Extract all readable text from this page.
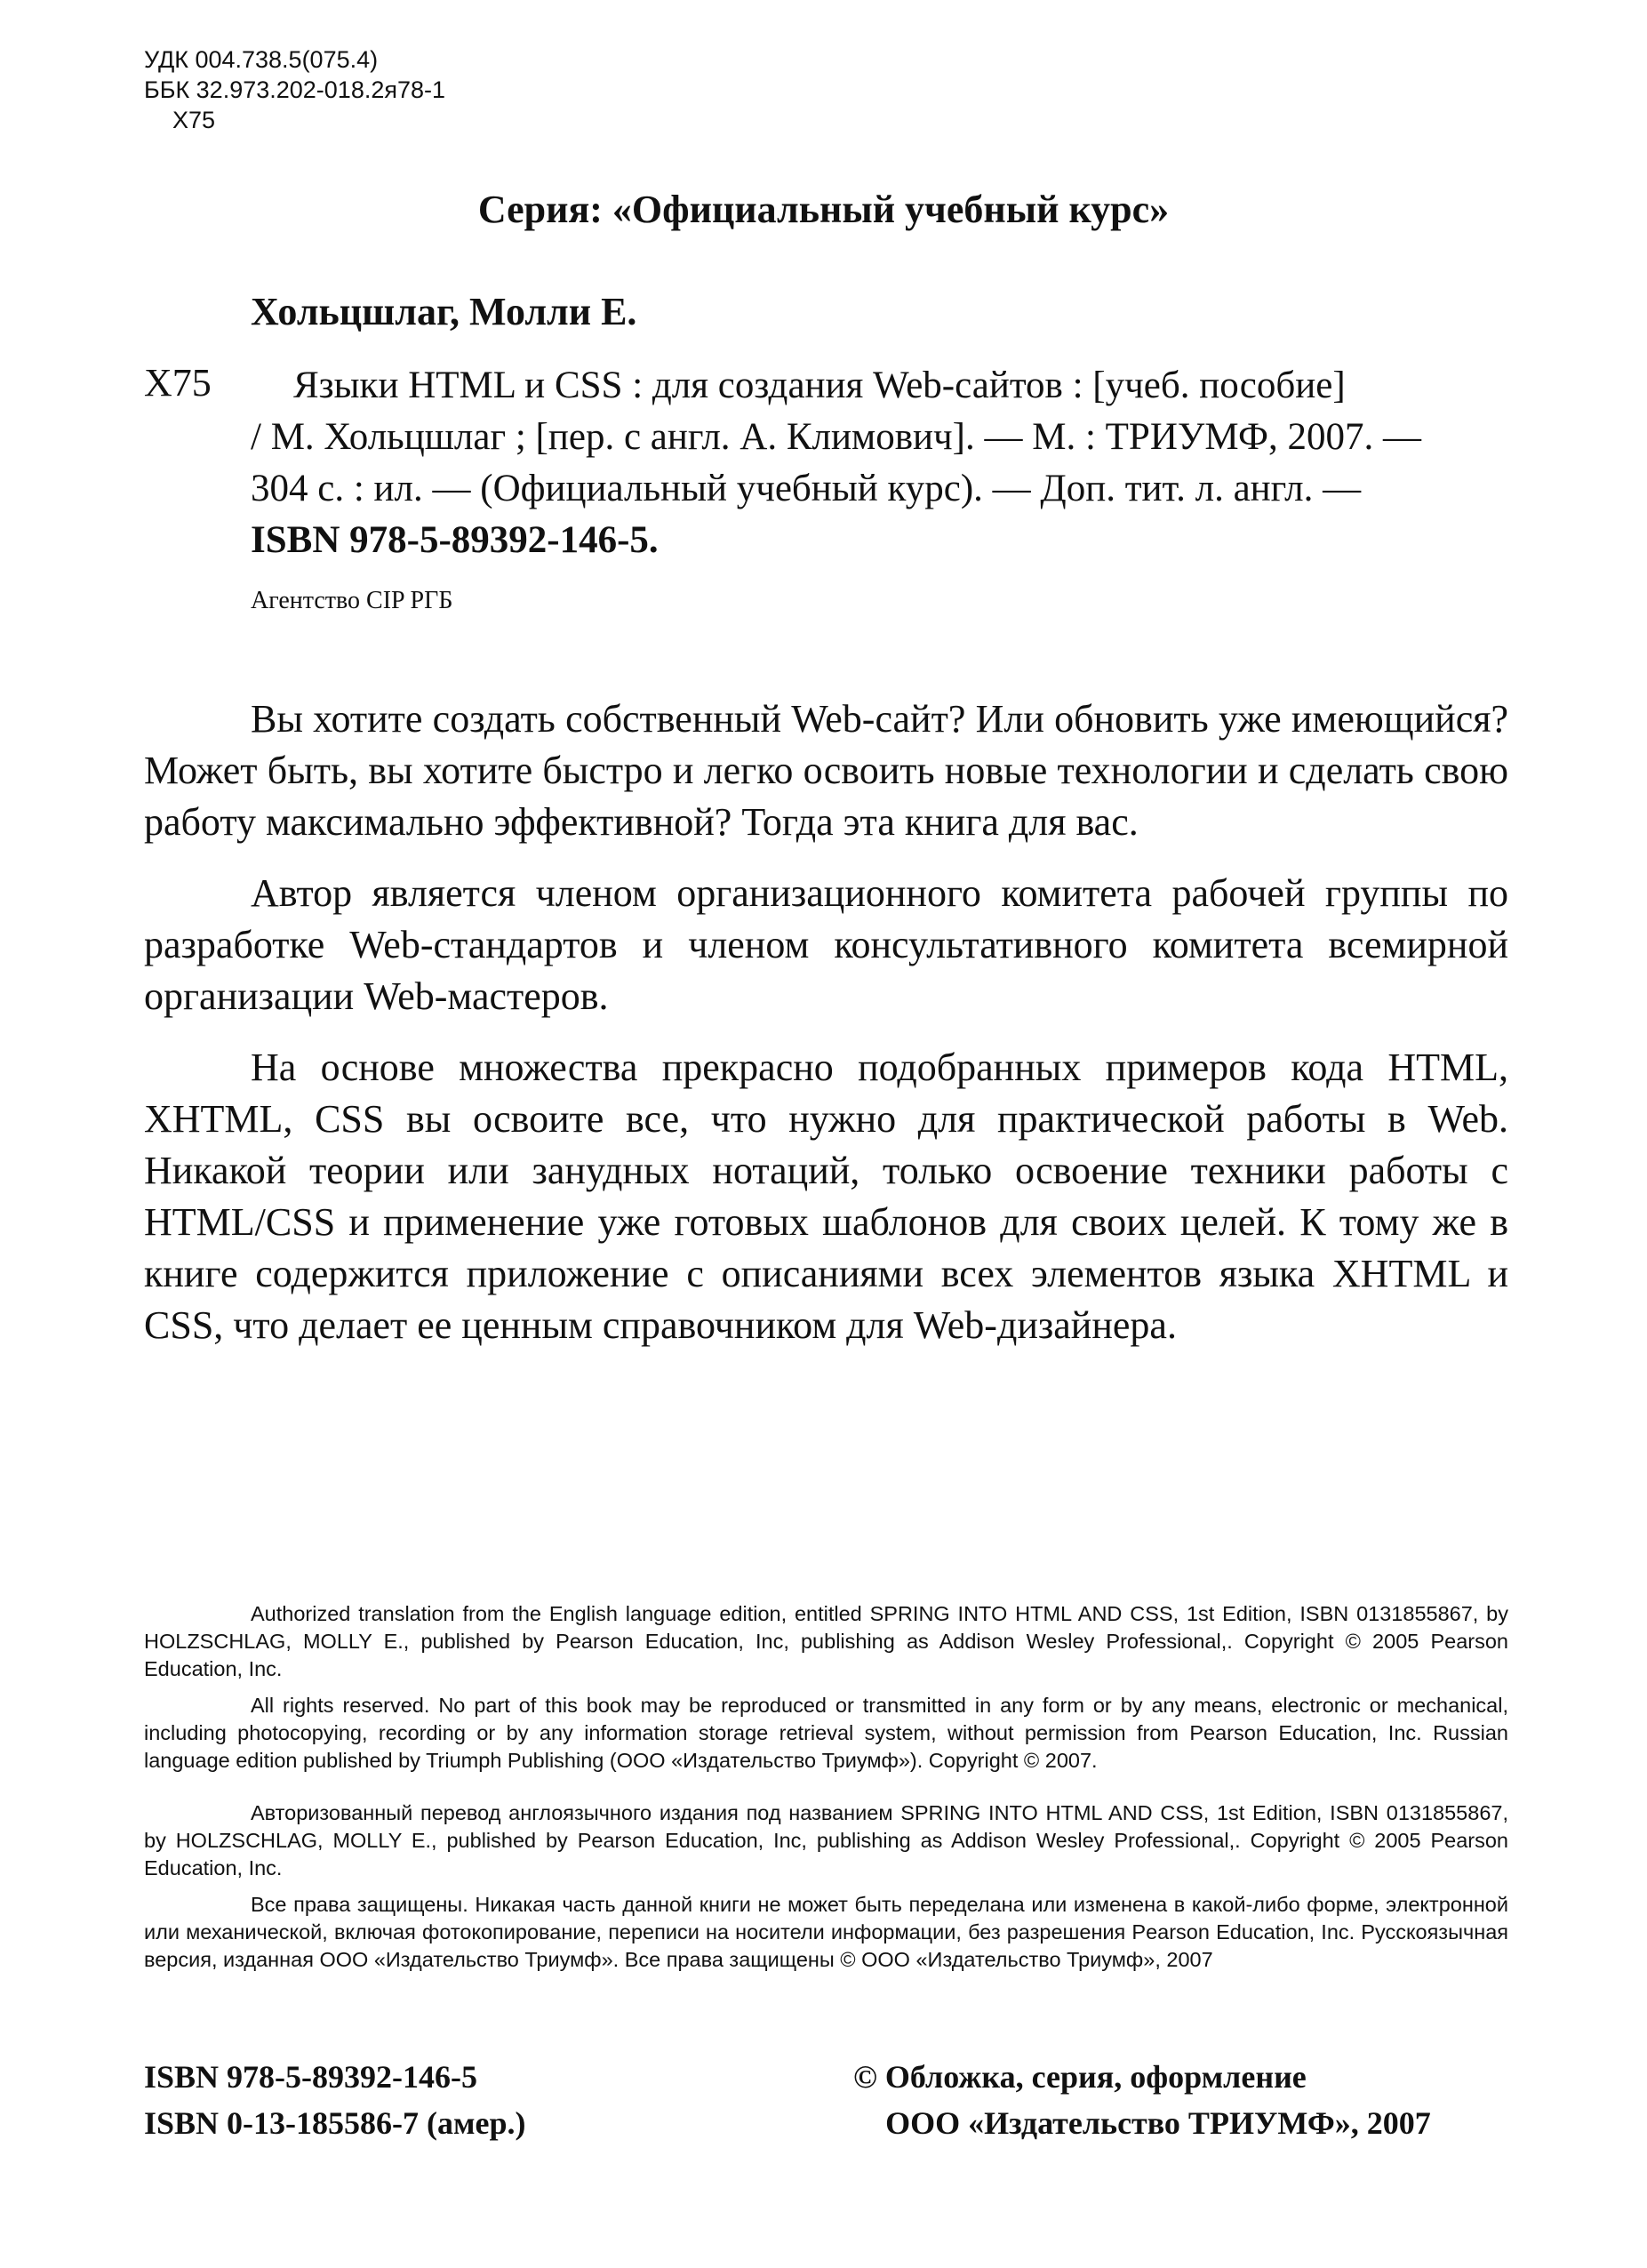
УДК 004.738.5(075.4)
ББК 32.973.202-018.2я78-1
Х75
Серия: «Официальный учебный курс»
Хольцшлаг, Молли Е.
Х75	Языки HTML и CSS : для создания Web-сайтов : [учеб. пособие]
/ М. Хольцшлаг ; [пер. с англ. А. Климович]. — М. : ТРИУМФ, 2007. —
304 с. : ил. — (Официальный учебный курс). — Доп. тит. л. англ. —
ISBN 978-5-89392-146-5.
Агентство CIP РГБ

Вы хотите создать собственный Web-сайт? Или обновить уже имеющийся? Может быть, вы хотите быстро и легко освоить новые технологии и сделать свою работу максимально эффективной? Тогда эта книга для вас.

Автор является членом организационного комитета рабочей группы по разработке Web-стандартов и членом консультативного комитета всемирной организации Web-мастеров.

На основе множества прекрасно подобранных примеров кода HTML, XHTML, CSS вы освоите все, что нужно для практической работы в Web. Никакой теории или занудных нотаций, только освоение техники работы с HTML/CSS и применение уже готовых шаблонов для своих целей. К тому же в книге содержится приложение с описаниями всех элементов языка XHTML и CSS, что делает ее ценным справочником для Web-дизайнера.

Authorized translation from the English language edition, entitled SPRING INTO HTML AND CSS, 1st Edition, ISBN 0131855867, by HOLZSCHLAG, MOLLY E., published by Pearson Education, Inc, publishing as Addison Wesley Professional,. Copyright © 2005 Pearson Education, Inc.

All rights reserved. No part of this book may be reproduced or transmitted in any form or by any means, electronic or mechanical, including photocopying, recording or by any information storage retrieval system, without permission from Pearson Education, Inc. Russian language edition published by Triumph Publishing (ООО «Издательство Триумф»). Copyright © 2007.

Авторизованный перевод англоязычного издания под названием SPRING INTO HTML AND CSS, 1st Edition, ISBN 0131855867, by HOLZSCHLAG, MOLLY E., published by Pearson Education, Inc, publishing as Addison Wesley Professional,. Copyright © 2005 Pearson Education, Inc.

Все права защищены. Никакая часть данной книги не может быть переделана или изменена в какой-либо форме, электронной или механической, включая фотокопирование, переписи на носители информации, без разрешения Pearson Education, Inc. Русскоязычная версия, изданная ООО «Издательство Триумф». Все права защищены © ООО «Издательство Триумф», 2007

ISBN 978-5-89392-146-5
ISBN 0-13-185586-7 (амер.)
© Обложка, серия, оформление
ООО «Издательство ТРИУМФ», 2007
